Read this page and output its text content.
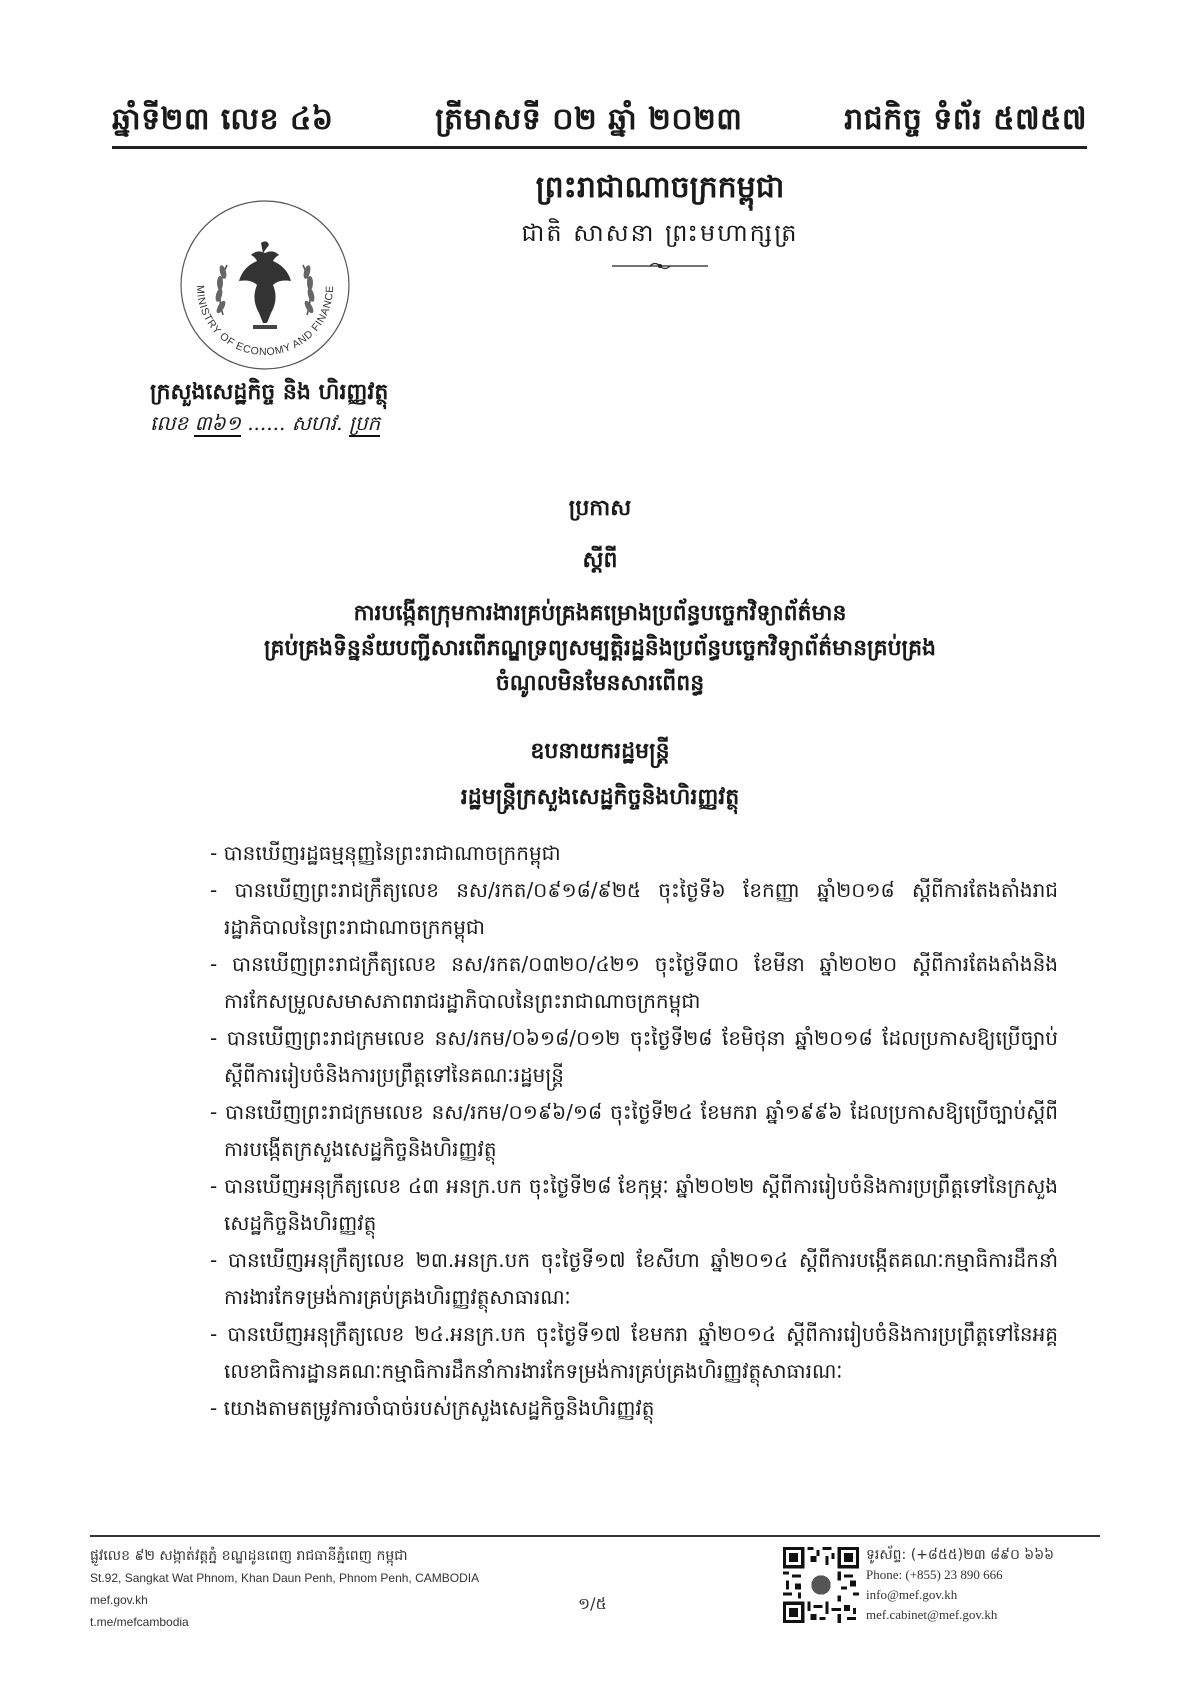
ឆ្នាំទី២៣ លេខ ៤៦	ត្រីមាសទី ០២ ឆ្នាំ ២០២៣	រាជកិច្ច ទំព័រ ៥៧៥៧
ព្រះរាជាណាចក្រកម្ពុជា
ជាតិ សាសនា ព្រះមហាក្សត្រ
MINISTRY OF ECONOMY AND FINANCE
ក្រសួងសេដ្ឋកិច្ច និង ហិរញ្ញវត្ថុ
លេខ ៣៦១ ...... សហវ. ប្រក
ប្រកាស
ស្តីពី
ការបង្កើតក្រុមការងារគ្រប់គ្រងគម្រោងប្រព័ន្ធបច្ចេកវិទ្យាព័ត៌មាន
គ្រប់គ្រងទិន្នន័យបញ្ជីសារពើភណ្ឌទ្រព្យសម្បត្តិរដ្ឋនិងប្រព័ន្ធបច្ចេកវិទ្យាព័ត៌មានគ្រប់គ្រង
ចំណូលមិនមែនសារពើពន្ធ
ឧបនាយករដ្ឋមន្ត្រី
រដ្ឋមន្ត្រីក្រសួងសេដ្ឋកិច្ចនិងហិរញ្ញវត្ថុ

- បានឃើញរដ្ឋធម្មនុញ្ញនៃព្រះរាជាណាចក្រកម្ពុជា

- បានឃើញព្រះរាជក្រឹត្យលេខ នស/រកត/០៩១៨/៩២៥ ចុះថ្ងៃទី៦ ខែកញ្ញា ឆ្នាំ២០១៨ ស្តីពីការតែងតាំងរាជរដ្ឋាភិបាលនៃព្រះរាជាណាចក្រកម្ពុជា

- បានឃើញព្រះរាជក្រឹត្យលេខ នស/រកត/០៣២០/៤២១ ចុះថ្ងៃទី៣០ ខែមីនា ឆ្នាំ២០២០ ស្តីពីការតែងតាំងនិងការកែសម្រួលសមាសភាពរាជរដ្ឋាភិបាលនៃព្រះរាជាណាចក្រកម្ពុជា

- បានឃើញព្រះរាជក្រមលេខ នស/រកម/០៦១៨/០១២ ចុះថ្ងៃទី២៨ ខែមិថុនា ឆ្នាំ២០១៨ ដែលប្រកាសឱ្យប្រើច្បាប់ស្តីពីការរៀបចំនិងការប្រព្រឹត្តទៅនៃគណៈរដ្ឋមន្ត្រី

- បានឃើញព្រះរាជក្រមលេខ នស/រកម/០១៩៦/១៨ ចុះថ្ងៃទី២៤ ខែមករា ឆ្នាំ១៩៩៦ ដែលប្រកាសឱ្យប្រើច្បាប់ស្តីពីការបង្កើតក្រសួងសេដ្ឋកិច្ចនិងហិរញ្ញវត្ថុ

- បានឃើញអនុក្រឹត្យលេខ ៤៣ អនក្រ.បក ចុះថ្ងៃទី២៨ ខែកុម្ភៈ ឆ្នាំ២០២២ ស្តីពីការរៀបចំនិងការប្រព្រឹត្តទៅនៃក្រសួងសេដ្ឋកិច្ចនិងហិរញ្ញវត្ថុ

- បានឃើញអនុក្រឹត្យលេខ ២៣.អនក្រ.បក ចុះថ្ងៃទី១៧ ខែសីហា ឆ្នាំ២០១៤ ស្តីពីការបង្កើតគណៈកម្មាធិការដឹកនាំការងារកែទម្រង់ការគ្រប់គ្រងហិរញ្ញវត្ថុសាធារណៈ

- បានឃើញអនុក្រឹត្យលេខ ២៤.អនក្រ.បក ចុះថ្ងៃទី១៧ ខែមករា ឆ្នាំ២០១៤ ស្តីពីការរៀបចំនិងការប្រព្រឹត្តទៅនៃអគ្គលេខាធិការដ្ឋានគណៈកម្មាធិការដឹកនាំការងារកែទម្រង់ការគ្រប់គ្រងហិរញ្ញវត្ថុសាធារណៈ

- យោងតាមតម្រូវការចាំបាច់របស់ក្រសួងសេដ្ឋកិច្ចនិងហិរញ្ញវត្ថុ

ផ្លូវលេខ ៩២ សង្កាត់វត្តភ្នំ ខណ្ឌដូនពេញ រាជធានីភ្នំពេញ កម្ពុជា
St.92, Sangkat Wat Phnom, Khan Daun Penh, Phnom Penh, CAMBODIA
mef.gov.kh
t.me/mefcambodia
១/៥
ទូរស័ព្ទ: (+៨៥៥)២៣ ៨៩០ ៦៦៦
Phone: (+855) 23 890 666
info@mef.gov.kh
mef.cabinet@mef.gov.kh
